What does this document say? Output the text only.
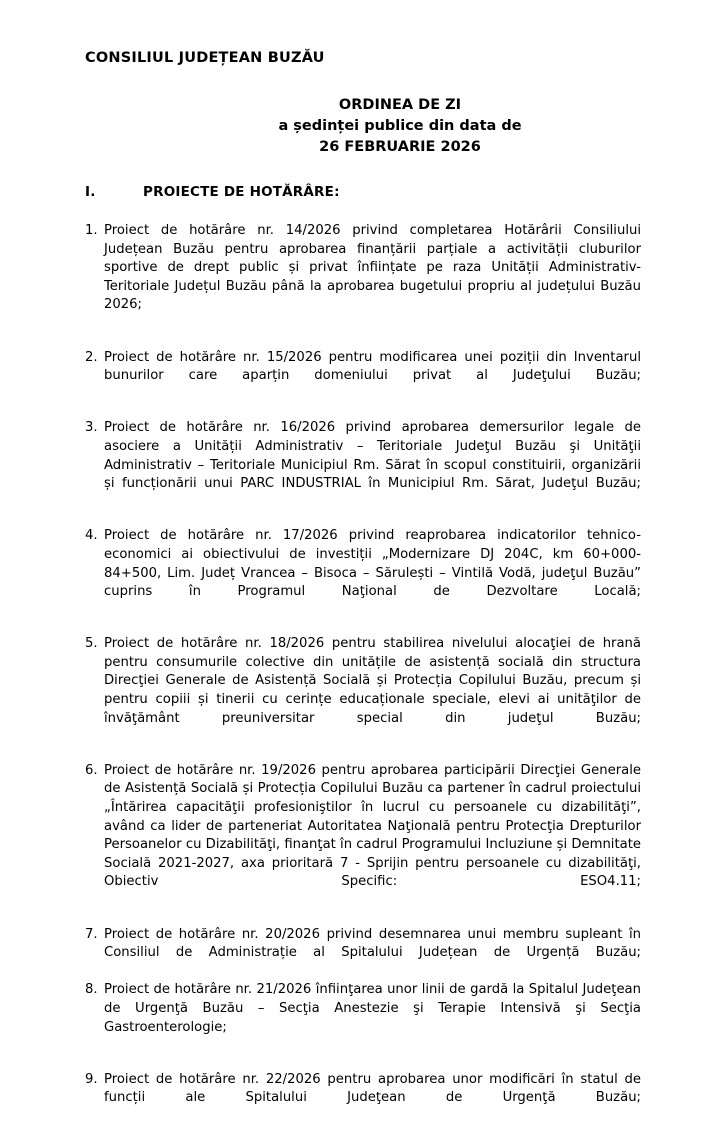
CONSILIUL JUDEȚEAN BUZĂU
ORDINEA DE ZI
a ședinței publice din data de
26 FEBRUARIE 2026
I.	PROIECTE DE HOTĂRÂRE:
1. Proiect de hotărâre nr. 14/2026 privind completarea Hotărârii Consiliului Județean Buzău pentru aprobarea finanțării parțiale a activității cluburilor sportive de drept public și privat înființate pe raza Unității Administrativ-Teritoriale Județul Buzău până la aprobarea bugetului propriu al județului Buzău 2026;
2. Proiect de hotărâre nr. 15/2026 pentru modificarea unei poziții din Inventarul bunurilor care aparțin domeniului privat al Judeţului Buzău;
3. Proiect de hotărâre nr. 16/2026 privind aprobarea demersurilor legale de asociere a Unității Administrativ – Teritoriale Judeţul Buzău şi Unităţii Administrativ – Teritoriale Municipiul Rm. Sărat în scopul constituirii, organizării și funcționării unui PARC INDUSTRIAL în Municipiul Rm. Sărat, Judeţul Buzău;
4. Proiect de hotărâre nr. 17/2026 privind reaprobarea indicatorilor tehnico-economici ai obiectivului de investiții „Modernizare DJ 204C, km 60+000-84+500, Lim. Județ Vrancea – Bisoca – Sărulești – Vintilă Vodă, judeţul Buzău” cuprins în Programul Naţional de Dezvoltare Locală;
5. Proiect de hotărâre nr. 18/2026 pentru stabilirea nivelului alocaţiei de hrană pentru consumurile colective din unitățile de asistență socială din structura Direcţiei Generale de Asistență Socială și Protecția Copilului Buzău, precum și pentru copiii și tinerii cu cerințe educaționale speciale, elevi ai unităţilor de învăţământ preuniversitar special din judeţul Buzău;
6. Proiect de hotărâre nr. 19/2026 pentru aprobarea participării Direcţiei Generale de Asistență Socială și Protecția Copilului Buzău ca partener în cadrul proiectului „Întărirea capacităţii profesioniştilor în lucrul cu persoanele cu dizabilităţi”, având ca lider de parteneriat Autoritatea Naţională pentru Protecţia Drepturilor Persoanelor cu Dizabilităţi, finanţat în cadrul Programului Incluziune și Demnitate Socială 2021-2027, axa prioritară 7 - Sprijin pentru persoanele cu dizabilităţi, Obiectiv Specific: ESO4.11;
7. Proiect de hotărâre nr. 20/2026 privind desemnarea unui membru supleant în Consiliul de Administrație al Spitalului Județean de Urgență Buzău;
8. Proiect de hotărâre nr. 21/2026 înfiinţarea unor linii de gardă la Spitalul Judeţean de Urgenţă Buzău – Secţia Anestezie şi Terapie Intensivă şi Secţia Gastroenterologie;
9. Proiect de hotărâre nr. 22/2026 pentru aprobarea unor modificări în statul de funcții ale Spitalului Judeţean de Urgenţă Buzău;
